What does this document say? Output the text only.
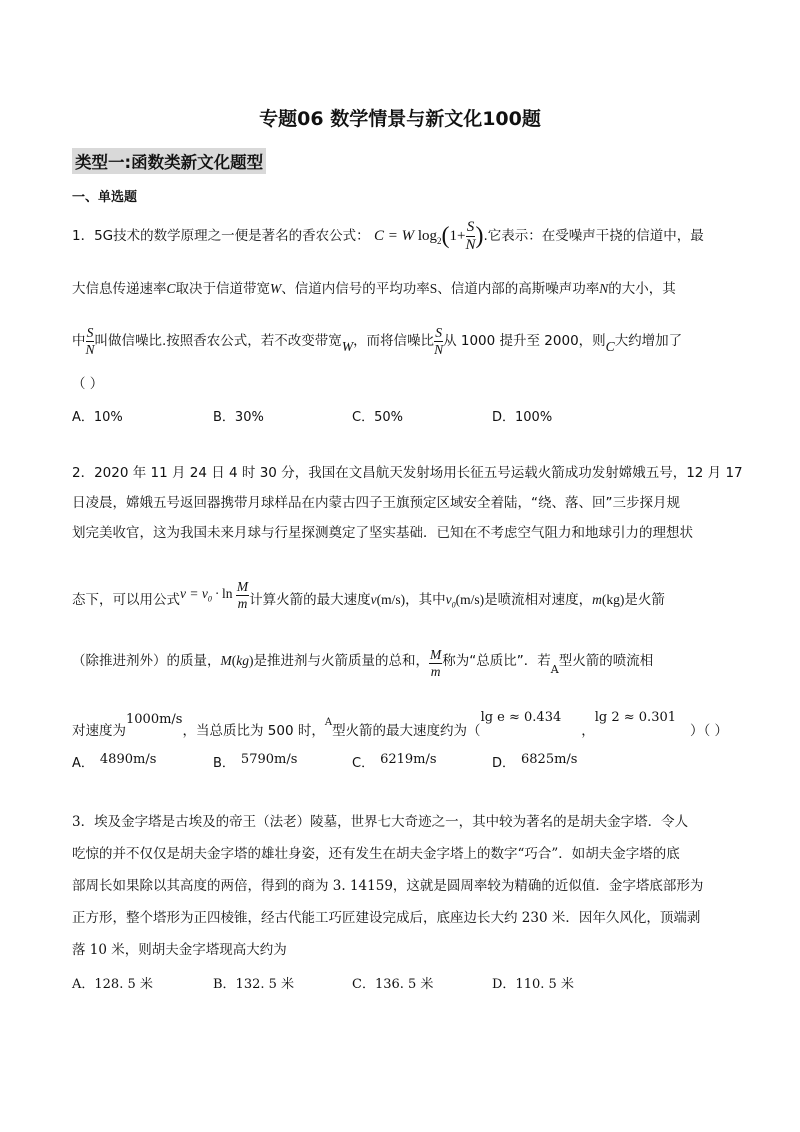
专题06 数学情景与新文化100题
类型一:函数类新文化题型
一、单选题
1．5G技术的数学原理之一便是著名的香农公式： C = W $\log_2(1+ \frac{S}{N}$ ).它表示：在受噪声干挠的信道中，最
大信息传递速率C取决于信道带宽W、信道内信号的平均功率S、信道内部的高斯噪声功率N的大小，其
中 $\frac{S}{N}$ 叫做信噪比.按照香农公式，若不改变带宽W，而将信噪比 $\frac{S}{N}$ 从 1000 提升至 2000，则C大约增加了
（ ）
A．10%	B．30%	C．50%	D．100%
2．2020 年 11 月 24 日 4 时 30 分，我国在文昌航天发射场用长征五号运载火箭成功发射嫦娥五号，12 月 17
日凌晨，嫦娥五号返回器携带月球样品在内蒙古四子王旗预定区域安全着陆，“绕、落、回”三步探月规
划完美收官，这为我国未来月球与行星探测奠定了坚实基础．已知在不考虑空气阻力和地球引力的理想状
态下，可以用公式$v = v_0 \cdot \ln \frac{M}{m}$ 计算火箭的最大速度v(m/s)，其中$v_0(m/s)$是喷流相对速度，m(kg)是火箭
（除推进剂外）的质量，M(kg)是推进剂与火箭质量的总和， $\frac{M}{m}$ 称为“总质比”．若$_A$型火箭的喷流相
对速度为1000m/s，当总质比为 500 时，$^A$型火箭的最大速度约为（lg e ≈ 0.434，lg 2 ≈ 0.301）（ ）
A． 4890m/s	B． 5790m/s	C． 6219m/s	D． 6825m/s
3．埃及金字塔是古埃及的帝王（法老）陵墓，世界七大奇迹之一，其中较为著名的是胡夫金字塔．令人
吃惊的并不仅仅是胡夫金字塔的雄壮身姿，还有发生在胡夫金字塔上的数字“巧合”．如胡夫金字塔的底
部周长如果除以其高度的两倍，得到的商为 3. 14159，这就是圆周率较为精确的近似值．金字塔底部形为
正方形，整个塔形为正四棱锥，经古代能工巧匠建设完成后，底座边长大约 230 米．因年久风化，顶端剥
落 10 米，则胡夫金字塔现高大约为
A．128. 5 米	B．132. 5 米	C．136. 5 米	D．110. 5 米
